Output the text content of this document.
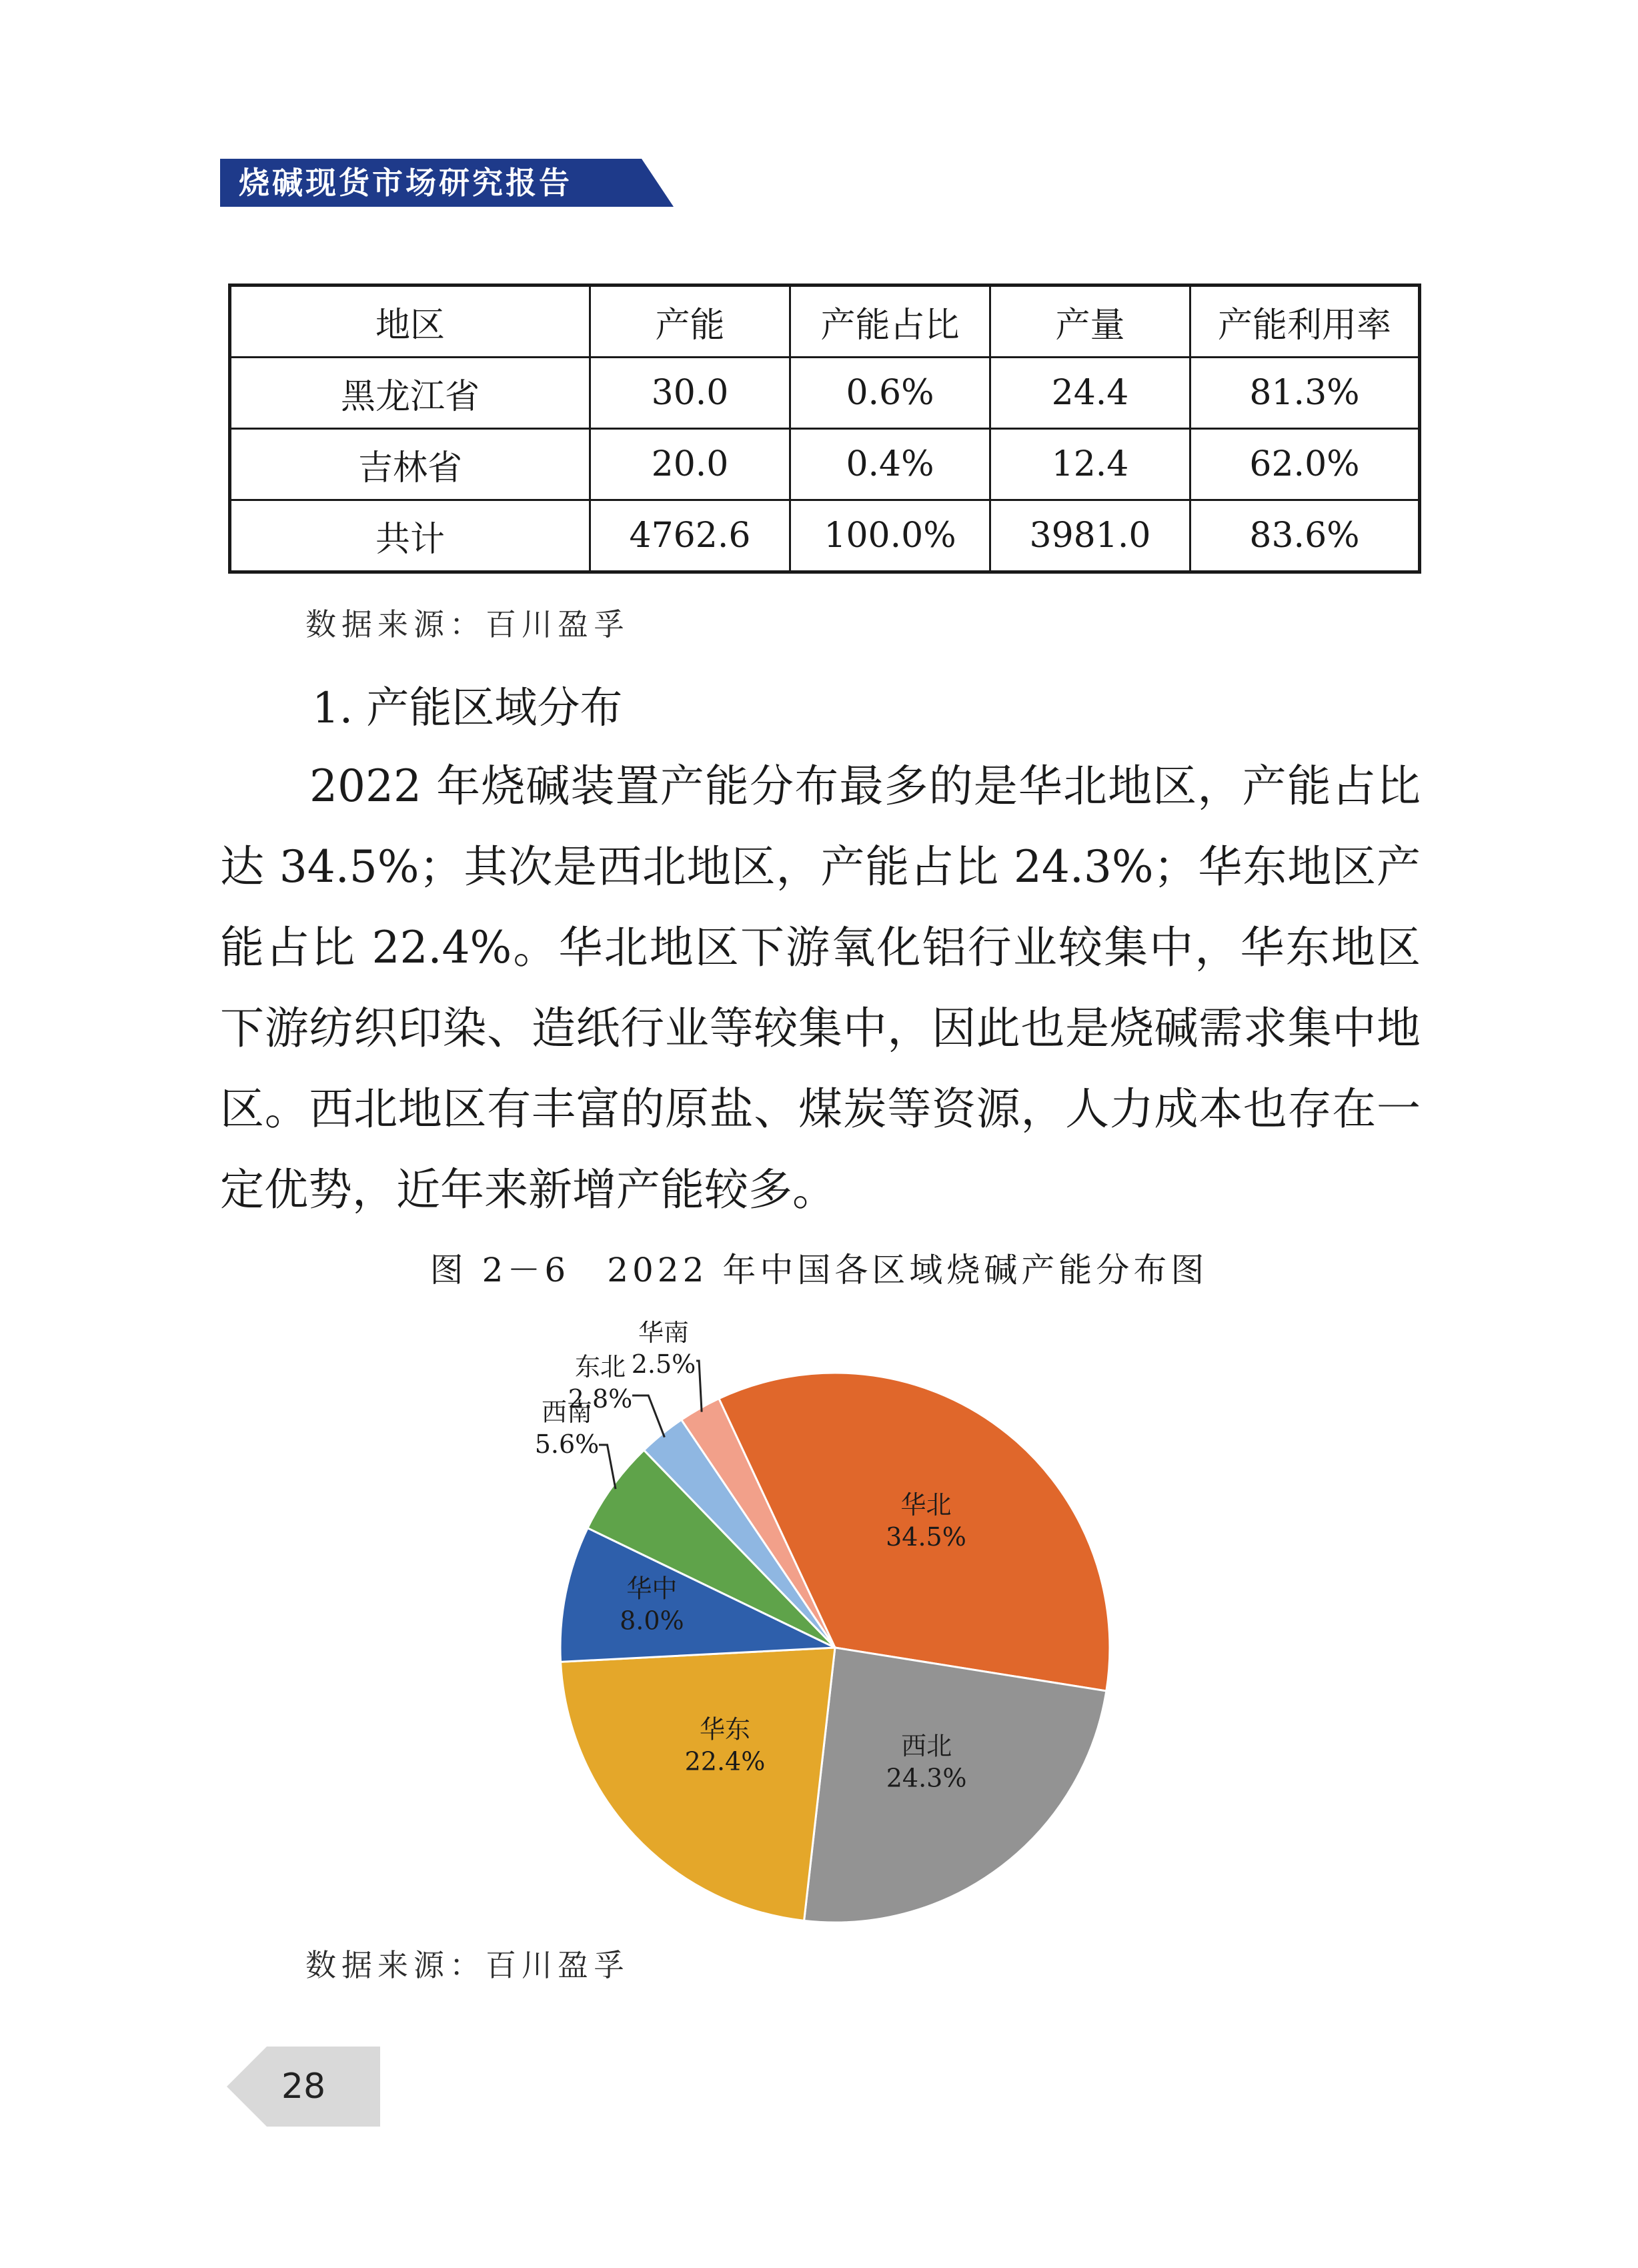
烧碱现货市场研究报告
地区	产能	产能占比	产量	产能利用率
黑龙江省	30.0	0.6%	24.4	81.3%
吉林省	20.0	0.4%	12.4	62.0%
共计	4762.6	100.0%	3981.0	83.6%
数据来源：百川盈孚
1. 产能区域分布

2022 年烧碱装置产能分布最多的是华北地区，产能占比达 34.5%；其次是西北地区，产能占比 24.3%；华东地区产能占比 22.4%。华北地区下游氧化铝行业较集中，华东地区下游纺织印染、造纸行业等较集中，因此也是烧碱需求集中地区。西北地区有丰富的原盐、煤炭等资源，人力成本也存在一定优势，近年来新增产能较多。

图 2－6　2022 年中国各区域烧碱产能分布图
华北
34.5%
西北
24.3%
华东
22.4%
华中
8.0%
西南
5.6%
东北
2.8%
华南
2.5%
数据来源：百川盈孚
28
